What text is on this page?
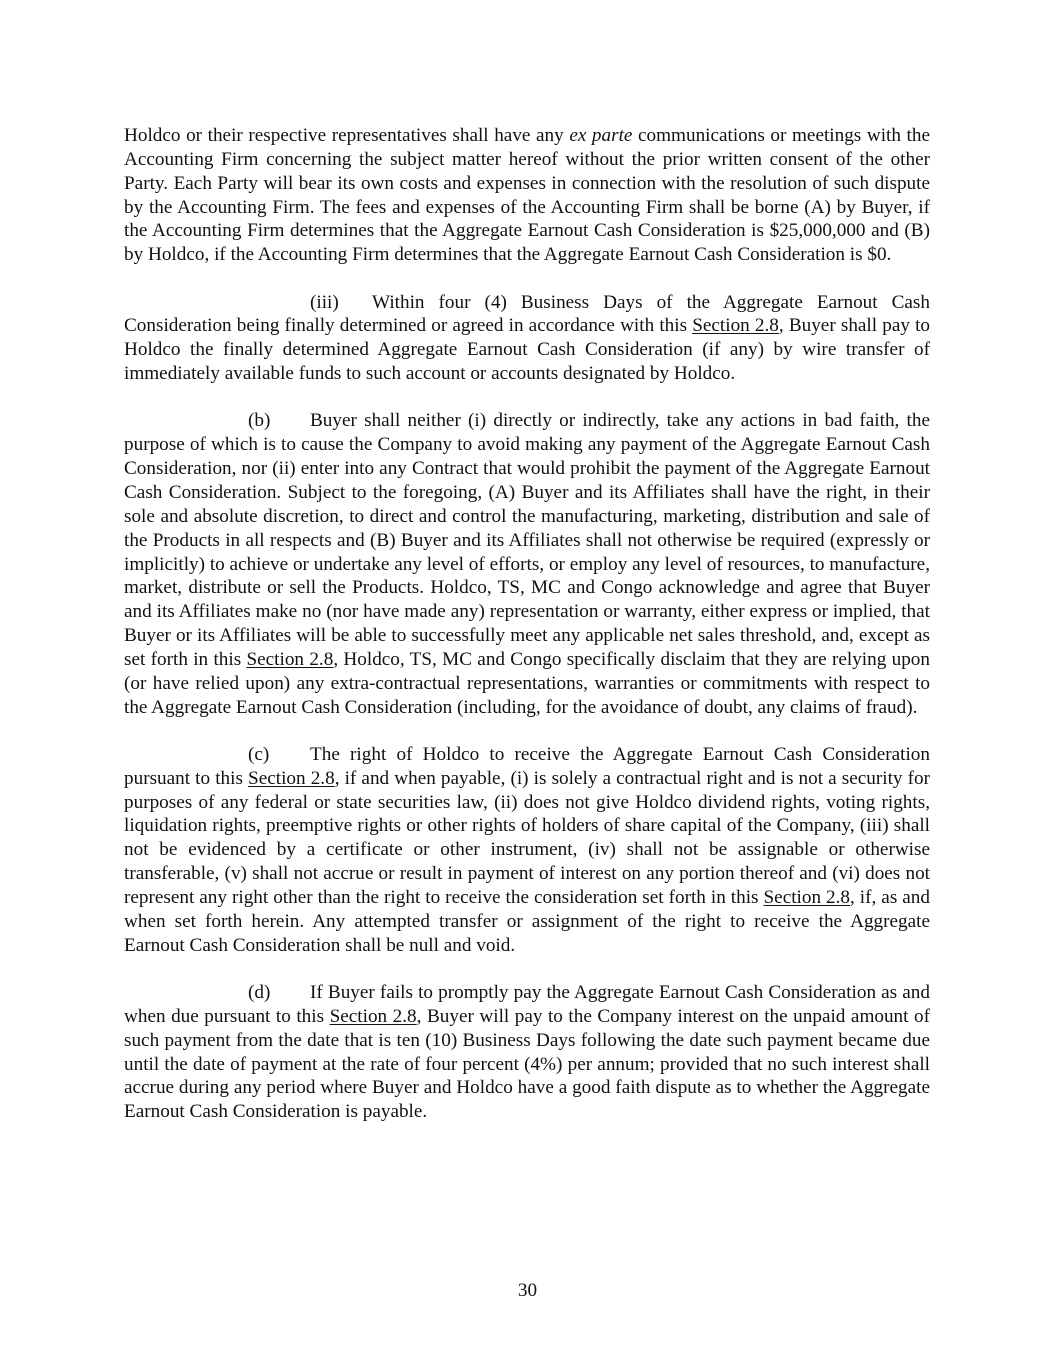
Holdco or their respective representatives shall have any ex parte communications or meetings with the Accounting Firm concerning the subject matter hereof without the prior written consent of the other Party. Each Party will bear its own costs and expenses in connection with the resolution of such dispute by the Accounting Firm. The fees and expenses of the Accounting Firm shall be borne (A) by Buyer, if the Accounting Firm determines that the Aggregate Earnout Cash Consideration is $25,000,000 and (B) by Holdco, if the Accounting Firm determines that the Aggregate Earnout Cash Consideration is $0.

(iii) Within four (4) Business Days of the Aggregate Earnout Cash Consideration being finally determined or agreed in accordance with this Section 2.8, Buyer shall pay to Holdco the finally determined Aggregate Earnout Cash Consideration (if any) by wire transfer of immediately available funds to such account or accounts designated by Holdco.

(b) Buyer shall neither (i) directly or indirectly, take any actions in bad faith, the purpose of which is to cause the Company to avoid making any payment of the Aggregate Earnout Cash Consideration, nor (ii) enter into any Contract that would prohibit the payment of the Aggregate Earnout Cash Consideration. Subject to the foregoing, (A) Buyer and its Affiliates shall have the right, in their sole and absolute discretion, to direct and control the manufacturing, marketing, distribution and sale of the Products in all respects and (B) Buyer and its Affiliates shall not otherwise be required (expressly or implicitly) to achieve or undertake any level of efforts, or employ any level of resources, to manufacture, market, distribute or sell the Products. Holdco, TS, MC and Congo acknowledge and agree that Buyer and its Affiliates make no (nor have made any) representation or warranty, either express or implied, that Buyer or its Affiliates will be able to successfully meet any applicable net sales threshold, and, except as set forth in this Section 2.8, Holdco, TS, MC and Congo specifically disclaim that they are relying upon (or have relied upon) any extra-contractual representations, warranties or commitments with respect to the Aggregate Earnout Cash Consideration (including, for the avoidance of doubt, any claims of fraud).

(c) The right of Holdco to receive the Aggregate Earnout Cash Consideration pursuant to this Section 2.8, if and when payable, (i) is solely a contractual right and is not a security for purposes of any federal or state securities law, (ii) does not give Holdco dividend rights, voting rights, liquidation rights, preemptive rights or other rights of holders of share capital of the Company, (iii) shall not be evidenced by a certificate or other instrument, (iv) shall not be assignable or otherwise transferable, (v) shall not accrue or result in payment of interest on any portion thereof and (vi) does not represent any right other than the right to receive the consideration set forth in this Section 2.8, if, as and when set forth herein. Any attempted transfer or assignment of the right to receive the Aggregate Earnout Cash Consideration shall be null and void.

(d) If Buyer fails to promptly pay the Aggregate Earnout Cash Consideration as and when due pursuant to this Section 2.8, Buyer will pay to the Company interest on the unpaid amount of such payment from the date that is ten (10) Business Days following the date such payment became due until the date of payment at the rate of four percent (4%) per annum; provided that no such interest shall accrue during any period where Buyer and Holdco have a good faith dispute as to whether the Aggregate Earnout Cash Consideration is payable.

30
